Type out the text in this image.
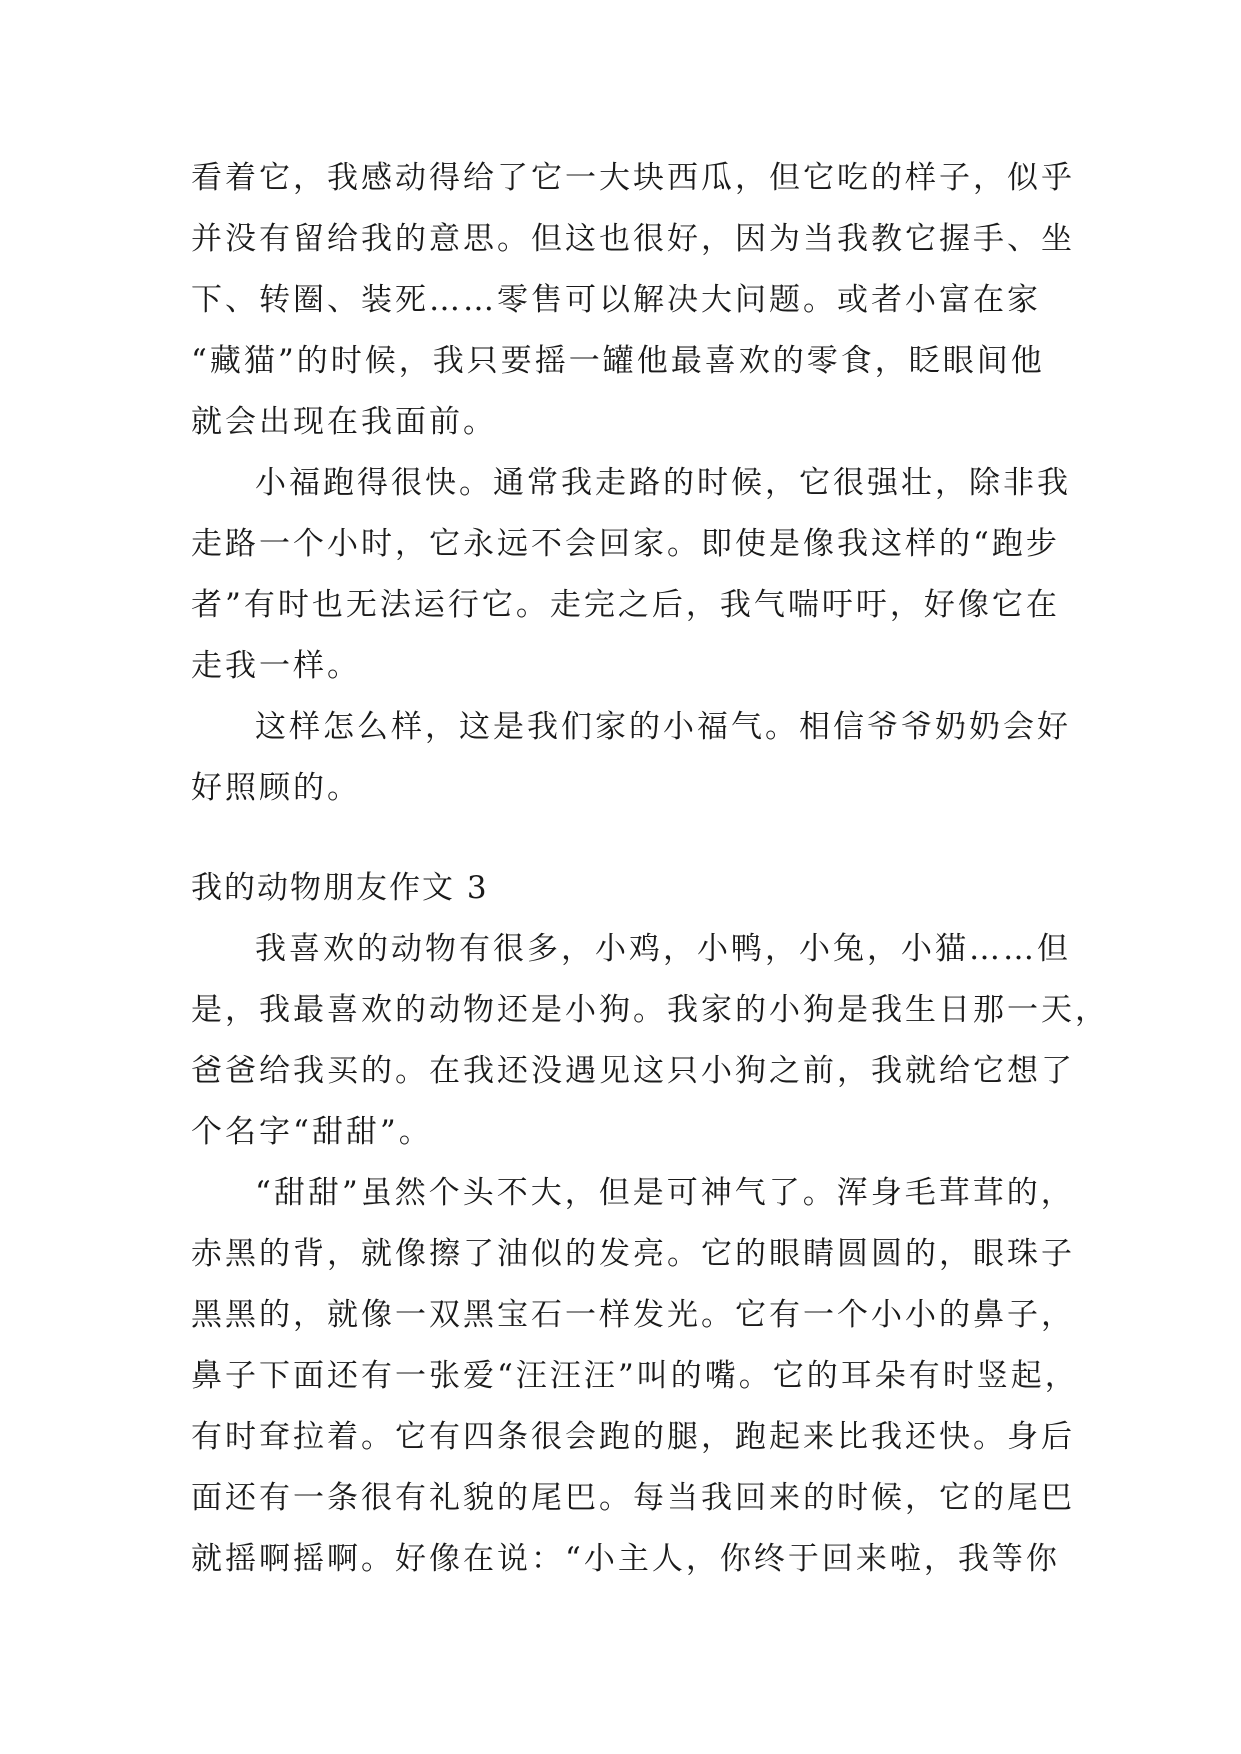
看着它，我感动得给了它一大块西瓜，但它吃的样子，似乎
并没有留给我的意思。但这也很好，因为当我教它握手、坐
下、转圈、装死……零售可以解决大问题。或者小富在家
“藏猫”的时候，我只要摇一罐他最喜欢的零食，眨眼间他
就会出现在我面前。
小福跑得很快。通常我走路的时候，它很强壮，除非我
走路一个小时，它永远不会回家。即使是像我这样的“跑步
者”有时也无法运行它。走完之后，我气喘吁吁，好像它在
走我一样。
这样怎么样，这是我们家的小福气。相信爷爷奶奶会好
好照顾的。
我的动物朋友作文 3
我喜欢的动物有很多，小鸡，小鸭，小兔，小猫……但
是，我最喜欢的动物还是小狗。我家的小狗是我生日那一天，
爸爸给我买的。在我还没遇见这只小狗之前，我就给它想了
个名字“甜甜”。
“甜甜”虽然个头不大，但是可神气了。浑身毛茸茸的，
赤黑的背，就像擦了油似的发亮。它的眼睛圆圆的，眼珠子
黑黑的，就像一双黑宝石一样发光。它有一个小小的鼻子，
鼻子下面还有一张爱“汪汪汪”叫的嘴。它的耳朵有时竖起，
有时耷拉着。它有四条很会跑的腿，跑起来比我还快。身后
面还有一条很有礼貌的尾巴。每当我回来的时候，它的尾巴
就摇啊摇啊。好像在说：“小主人，你终于回来啦，我等你
